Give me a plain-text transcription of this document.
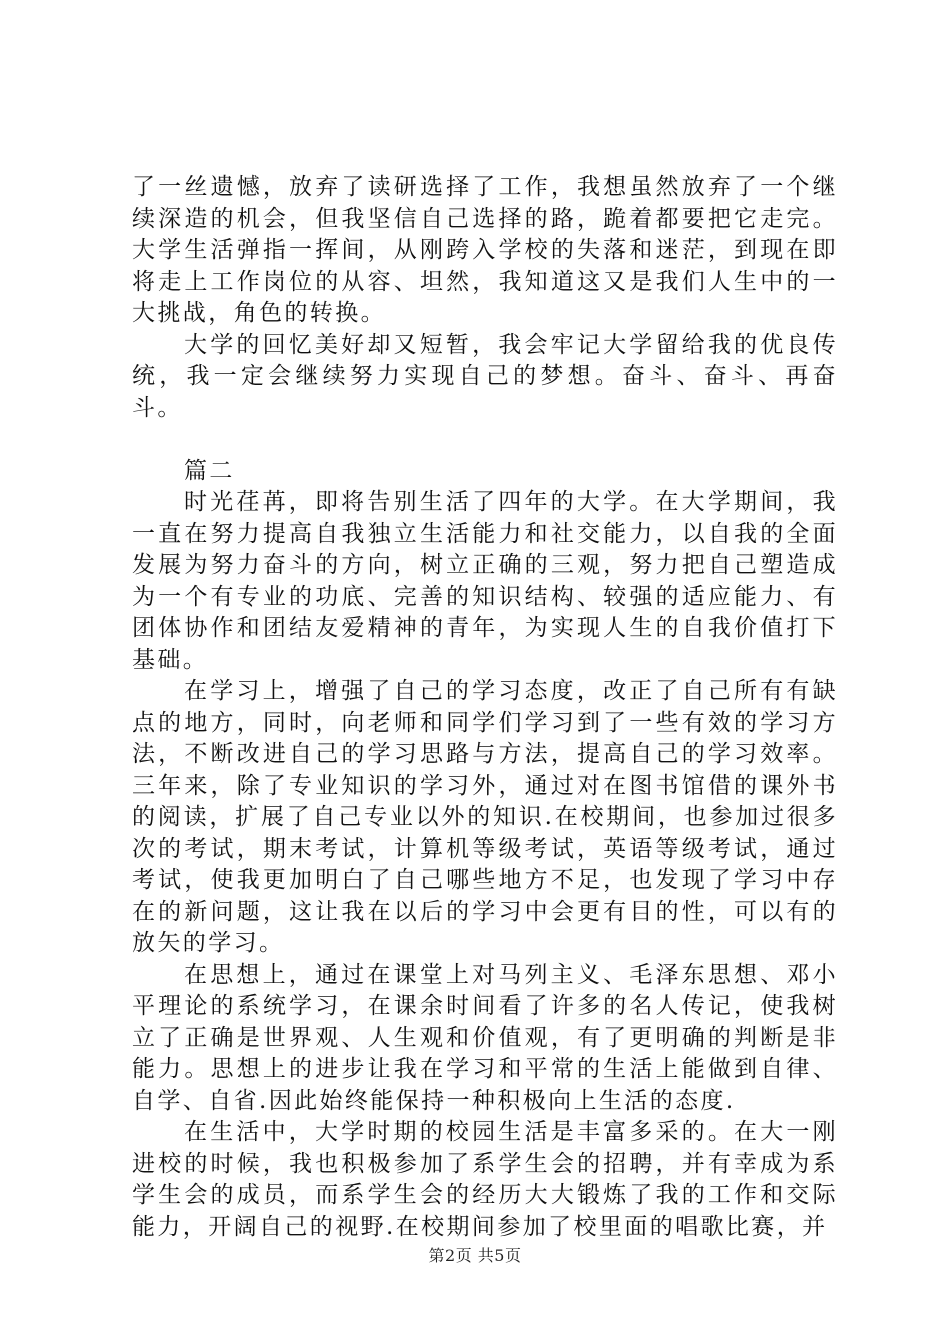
了一丝遗憾，放弃了读研选择了工作，我想虽然放弃了一个继续深造的机会，但我坚信自己选择的路，跪着都要把它走完。大学生活弹指一挥间，从刚跨入学校的失落和迷茫，到现在即将走上工作岗位的从容、坦然，我知道这又是我们人生中的一大挑战，角色的转换。

大学的回忆美好却又短暂，我会牢记大学留给我的优良传统，我一定会继续努力实现自己的梦想。奋斗、奋斗、再奋斗。

篇二

时光荏苒，即将告别生活了四年的大学。在大学期间，我一直在努力提高自我独立生活能力和社交能力，以自我的全面发展为努力奋斗的方向，树立正确的三观，努力把自己塑造成为一个有专业的功底、完善的知识结构、较强的适应能力、有团体协作和团结友爱精神的青年，为实现人生的自我价值打下基础。

在学习上，增强了自己的学习态度，改正了自己所有有缺点的地方，同时，向老师和同学们学习到了一些有效的学习方法，不断改进自己的学习思路与方法，提高自己的学习效率。三年来，除了专业知识的学习外，通过对在图书馆借的课外书的阅读，扩展了自己专业以外的知识.在校期间，也参加过很多次的考试，期末考试，计算机等级考试，英语等级考试，通过考试，使我更加明白了自己哪些地方不足，也发现了学习中存在的新问题，这让我在以后的学习中会更有目的性，可以有的放矢的学习。

在思想上，通过在课堂上对马列主义、毛泽东思想、邓小平理论的系统学习，在课余时间看了许多的名人传记，使我树立了正确是世界观、人生观和价值观，有了更明确的判断是非能力。思想上的进步让我在学习和平常的生活上能做到自律、自学、自省.因此始终能保持一种积极向上生活的态度.

在生活中，大学时期的校园生活是丰富多采的。在大一刚进校的时候，我也积极参加了系学生会的招聘，并有幸成为系学生会的成员，而系学生会的经历大大锻炼了我的工作和交际能力，开阔自己的视野.在校期间参加了校里面的唱歌比赛，并

第2页 共5页
